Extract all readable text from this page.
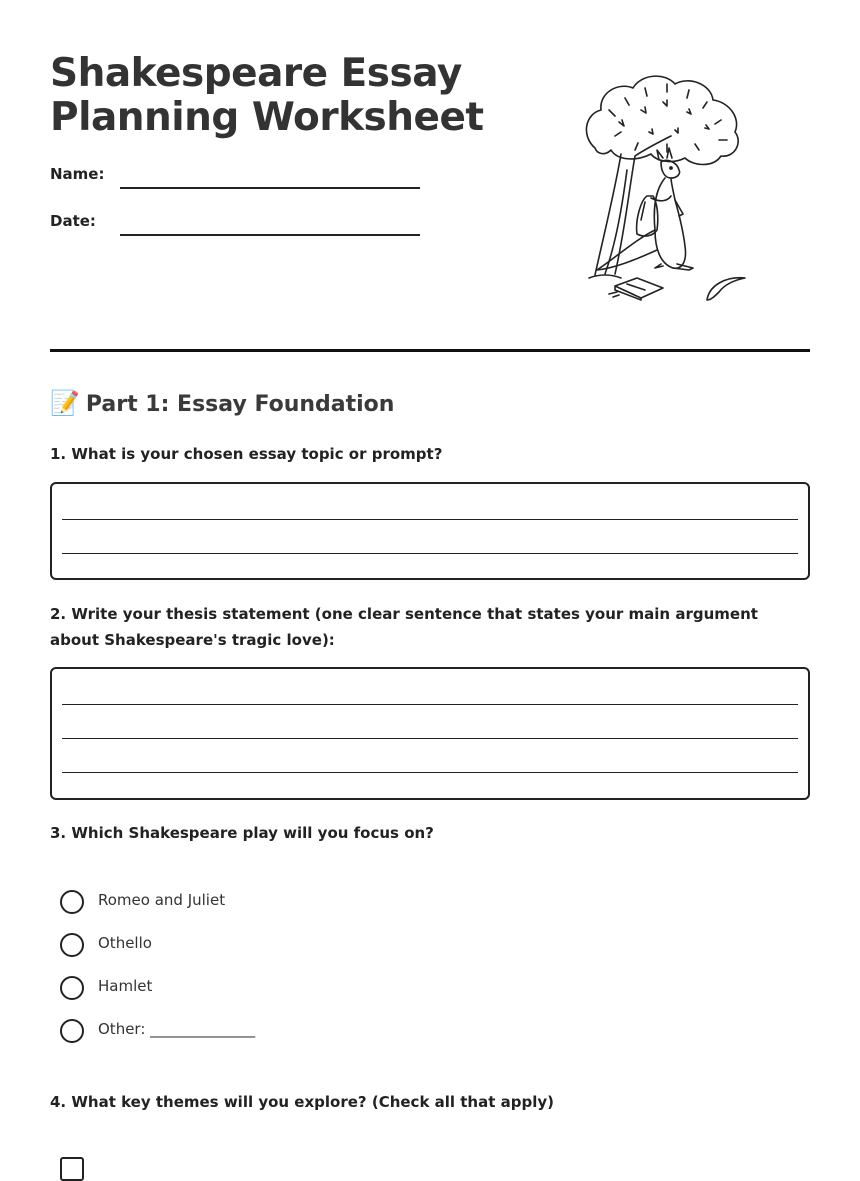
Shakespeare Essay
Planning Worksheet
Name:
Date:
📝 Part 1: Essay Foundation

1. What is your chosen essay topic or prompt?

2. Write your thesis statement (one clear sentence that states your main argument about Shakespeare's tragic love):

3. Which Shakespeare play will you focus on?

Romeo and Juliet
Othello
Hamlet
Other: ______________

4. What key themes will you explore? (Check all that apply)
